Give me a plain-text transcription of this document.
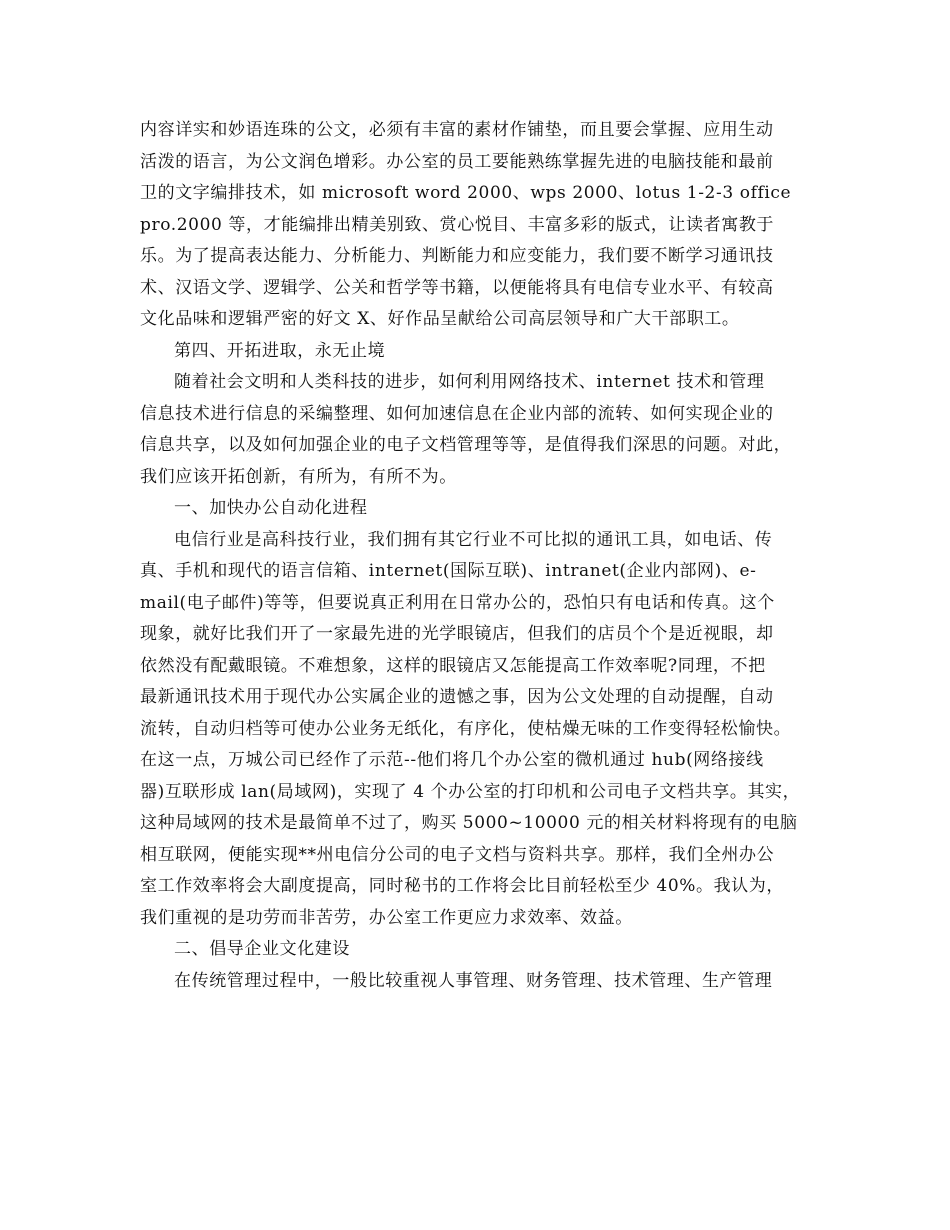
内容详实和妙语连珠的公文，必须有丰富的素材作铺垫，而且要会掌握、应用生动
活泼的语言，为公文润色增彩。办公室的员工要能熟练掌握先进的电脑技能和最前
卫的文字编排技术，如 microsoft word 2000、wps 2000、lotus 1-2-3 office
pro.2000 等，才能编排出精美别致、赏心悦目、丰富多彩的版式，让读者寓教于
乐。为了提高表达能力、分析能力、判断能力和应变能力，我们要不断学习通讯技
术、汉语文学、逻辑学、公关和哲学等书籍，以便能将具有电信专业水平、有较高
文化品味和逻辑严密的好文 X、好作品呈献给公司高层领导和广大干部职工。
第四、开拓进取，永无止境
随着社会文明和人类科技的进步，如何利用网络技术、internet 技术和管理
信息技术进行信息的采编整理、如何加速信息在企业内部的流转、如何实现企业的
信息共享，以及如何加强企业的电子文档管理等等，是值得我们深思的问题。对此，
我们应该开拓创新，有所为，有所不为。
一、加快办公自动化进程
电信行业是高科技行业，我们拥有其它行业不可比拟的通讯工具，如电话、传
真、手机和现代的语言信箱、internet(国际互联)、intranet(企业内部网)、e-
mail(电子邮件)等等，但要说真正利用在日常办公的，恐怕只有电话和传真。这个
现象，就好比我们开了一家最先进的光学眼镜店，但我们的店员个个是近视眼，却
依然没有配戴眼镜。不难想象，这样的眼镜店又怎能提高工作效率呢?同理，不把
最新通讯技术用于现代办公实属企业的遗憾之事，因为公文处理的自动提醒，自动
流转，自动归档等可使办公业务无纸化，有序化，使枯燥无味的工作变得轻松愉快。
在这一点，万城公司已经作了示范--他们将几个办公室的微机通过 hub(网络接线
器)互联形成 lan(局域网)，实现了 4 个办公室的打印机和公司电子文档共享。其实，
这种局域网的技术是最简单不过了，购买 5000~10000 元的相关材料将现有的电脑
相互联网，便能实现**州电信分公司的电子文档与资料共享。那样，我们全州办公
室工作效率将会大副度提高，同时秘书的工作将会比目前轻松至少 40%。我认为，
我们重视的是功劳而非苦劳，办公室工作更应力求效率、效益。
二、倡导企业文化建设
在传统管理过程中，一般比较重视人事管理、财务管理、技术管理、生产管理
